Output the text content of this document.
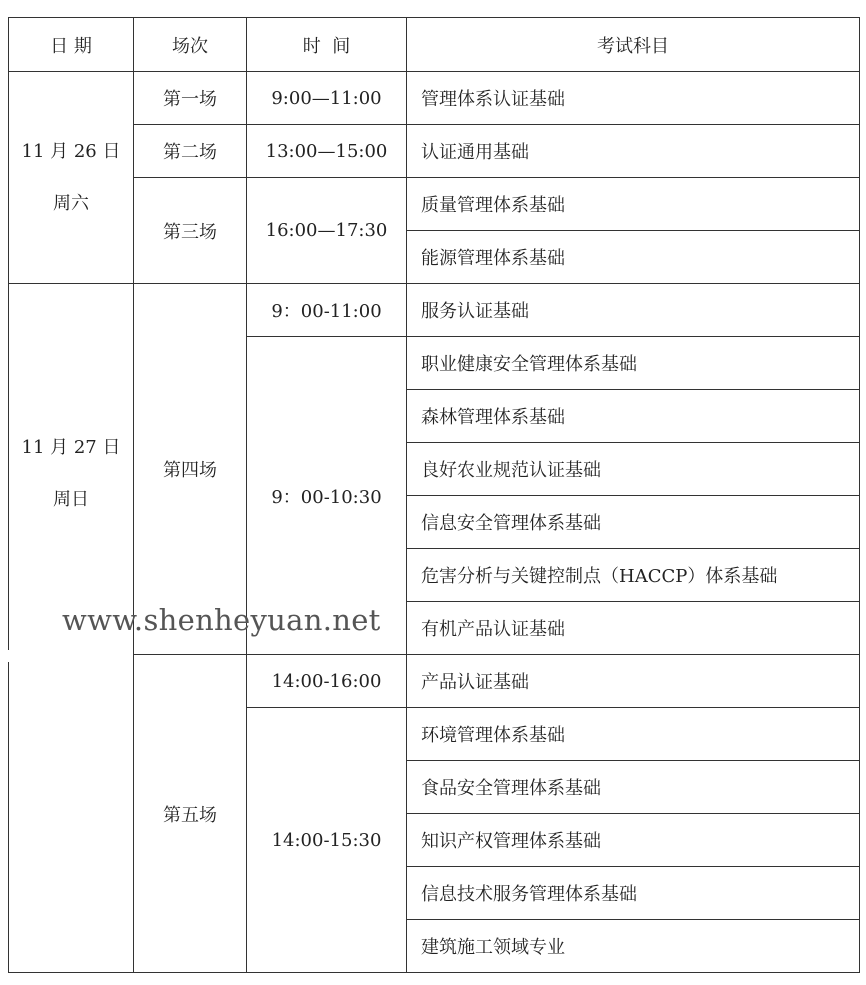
日 期	场次	时  间	考试科目

11 月 26 日
周六	第一场	9:00—11:00	管理体系认证基础
	第二场	13:00—15:00	认证通用基础
	第三场	16:00—17:30	质量管理体系基础
			能源管理体系基础

11 月 27 日
周日	第四场	9：00-11:00	服务认证基础
		9：00-10:30	职业健康安全管理体系基础
			森林管理体系基础
			良好农业规范认证基础
			信息安全管理体系基础
			危害分析与关键控制点（HACCP）体系基础
			有机产品认证基础
	第五场	14:00-16:00	产品认证基础
		14:00-15:30	环境管理体系基础
			食品安全管理体系基础
			知识产权管理体系基础
			信息技术服务管理体系基础
			建筑施工领域专业
www.shenheyuan.net
